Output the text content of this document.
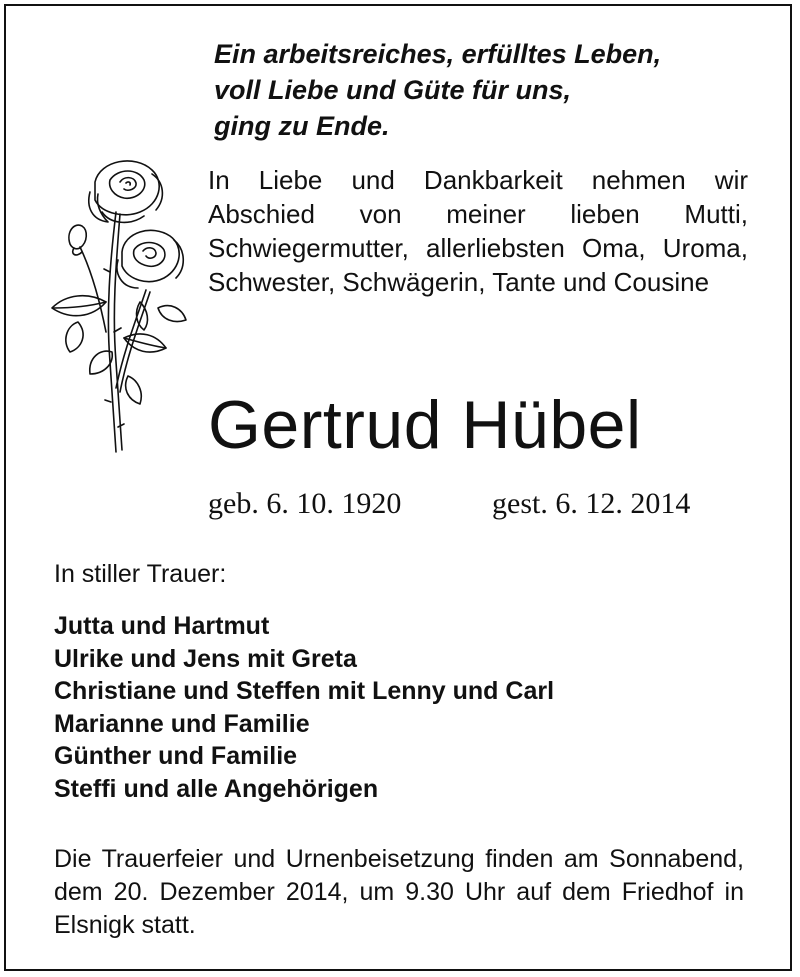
Ein arbeitsreiches, erfülltes Leben,
voll Liebe und Güte für uns,
ging zu Ende.
In Liebe und Dankbarkeit nehmen wir Abschied von meiner lieben Mutti, Schwiegermutter, allerliebsten Oma, Uroma, Schwester, Schwägerin, Tante und Cousine
Gertrud Hübel
geb. 6. 10. 1920	gest. 6. 12. 2014
In stiller Trauer:
Jutta und Hartmut
Ulrike und Jens mit Greta
Christiane und Steffen mit Lenny und Carl
Marianne und Familie
Günther und Familie
Steffi und alle Angehörigen
Die Trauerfeier und Urnenbeisetzung finden am Sonnabend, dem 20. Dezember 2014, um 9.30 Uhr auf dem Friedhof in Elsnigk statt.
